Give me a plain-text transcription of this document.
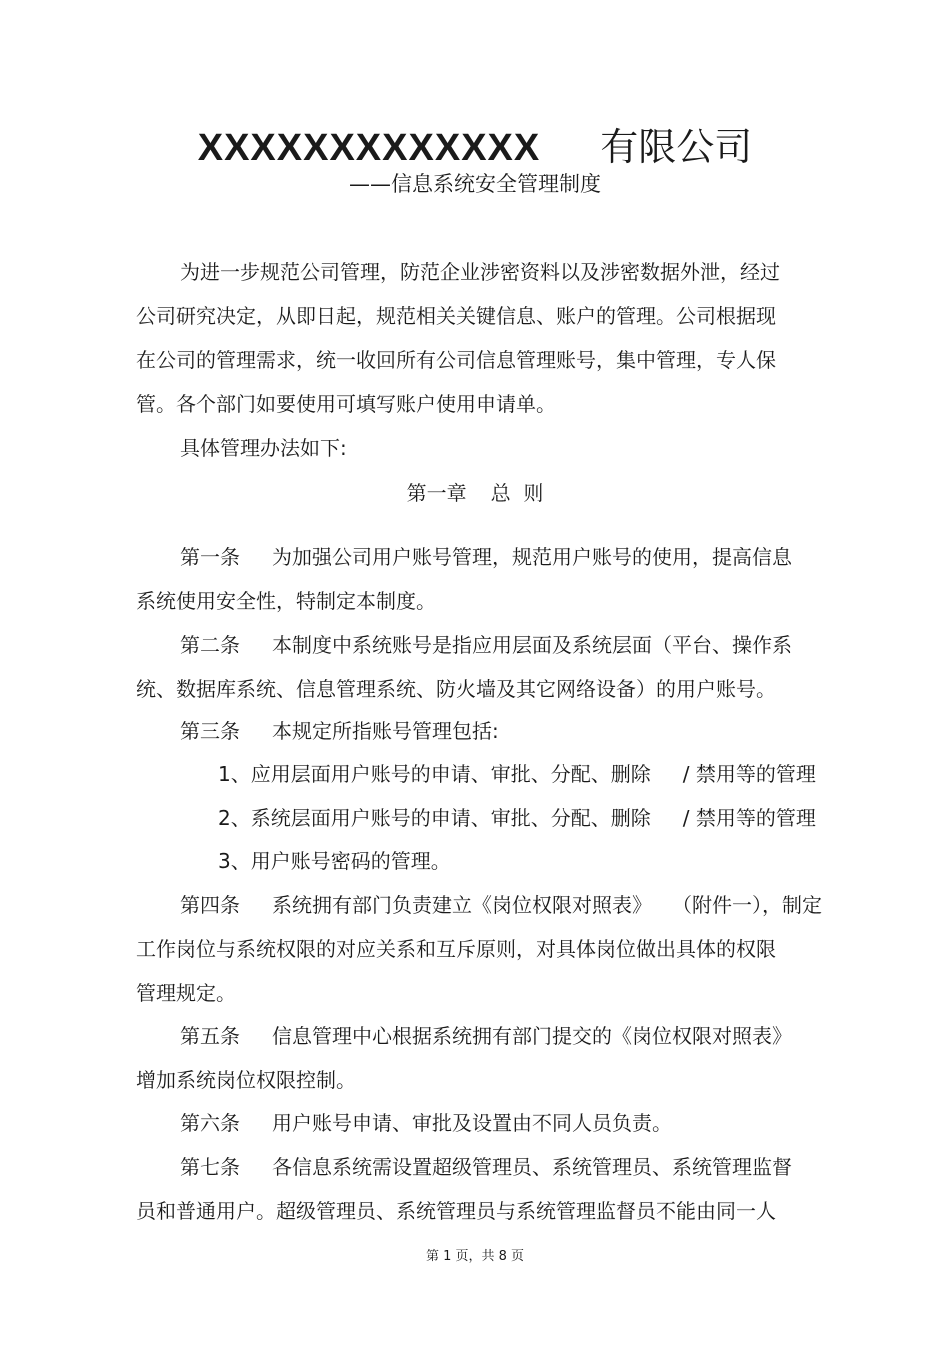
XXXXXXXXXXXXX 有限公司
——信息系统安全管理制度
为进一步规范公司管理，防范企业涉密资料以及涉密数据外泄，经过
公司研究决定，从即日起，规范相关关键信息、账户的管理。公司根据现
在公司的管理需求，统一收回所有公司信息管理账号，集中管理，专人保
管。各个部门如要使用可填写账户使用申请单。
具体管理办法如下:
第一章 总  则
第一条 为加强公司用户账号管理，规范用户账号的使用，提高信息
系统使用安全性，特制定本制度。
第二条 本制度中系统账号是指应用层面及系统层面（平台、操作系
统、数据库系统、信息管理系统、防火墙及其它网络设备）的用户账号。
第三条 本规定所指账号管理包括:
1、应用层面用户账号的申请、审批、分配、删除 / 禁用等的管理
2、系统层面用户账号的申请、审批、分配、删除 / 禁用等的管理
3、用户账号密码的管理。
第四条 系统拥有部门负责建立《岗位权限对照表》 （附件一），制定
工作岗位与系统权限的对应关系和互斥原则，对具体岗位做出具体的权限
管理规定。
第五条 信息管理中心根据系统拥有部门提交的《岗位权限对照表》
增加系统岗位权限控制。
第六条 用户账号申请、审批及设置由不同人员负责。
第七条 各信息系统需设置超级管理员、系统管理员、系统管理监督
员和普通用户。超级管理员、系统管理员与系统管理监督员不能由同一人
第 1 页，共 8 页
